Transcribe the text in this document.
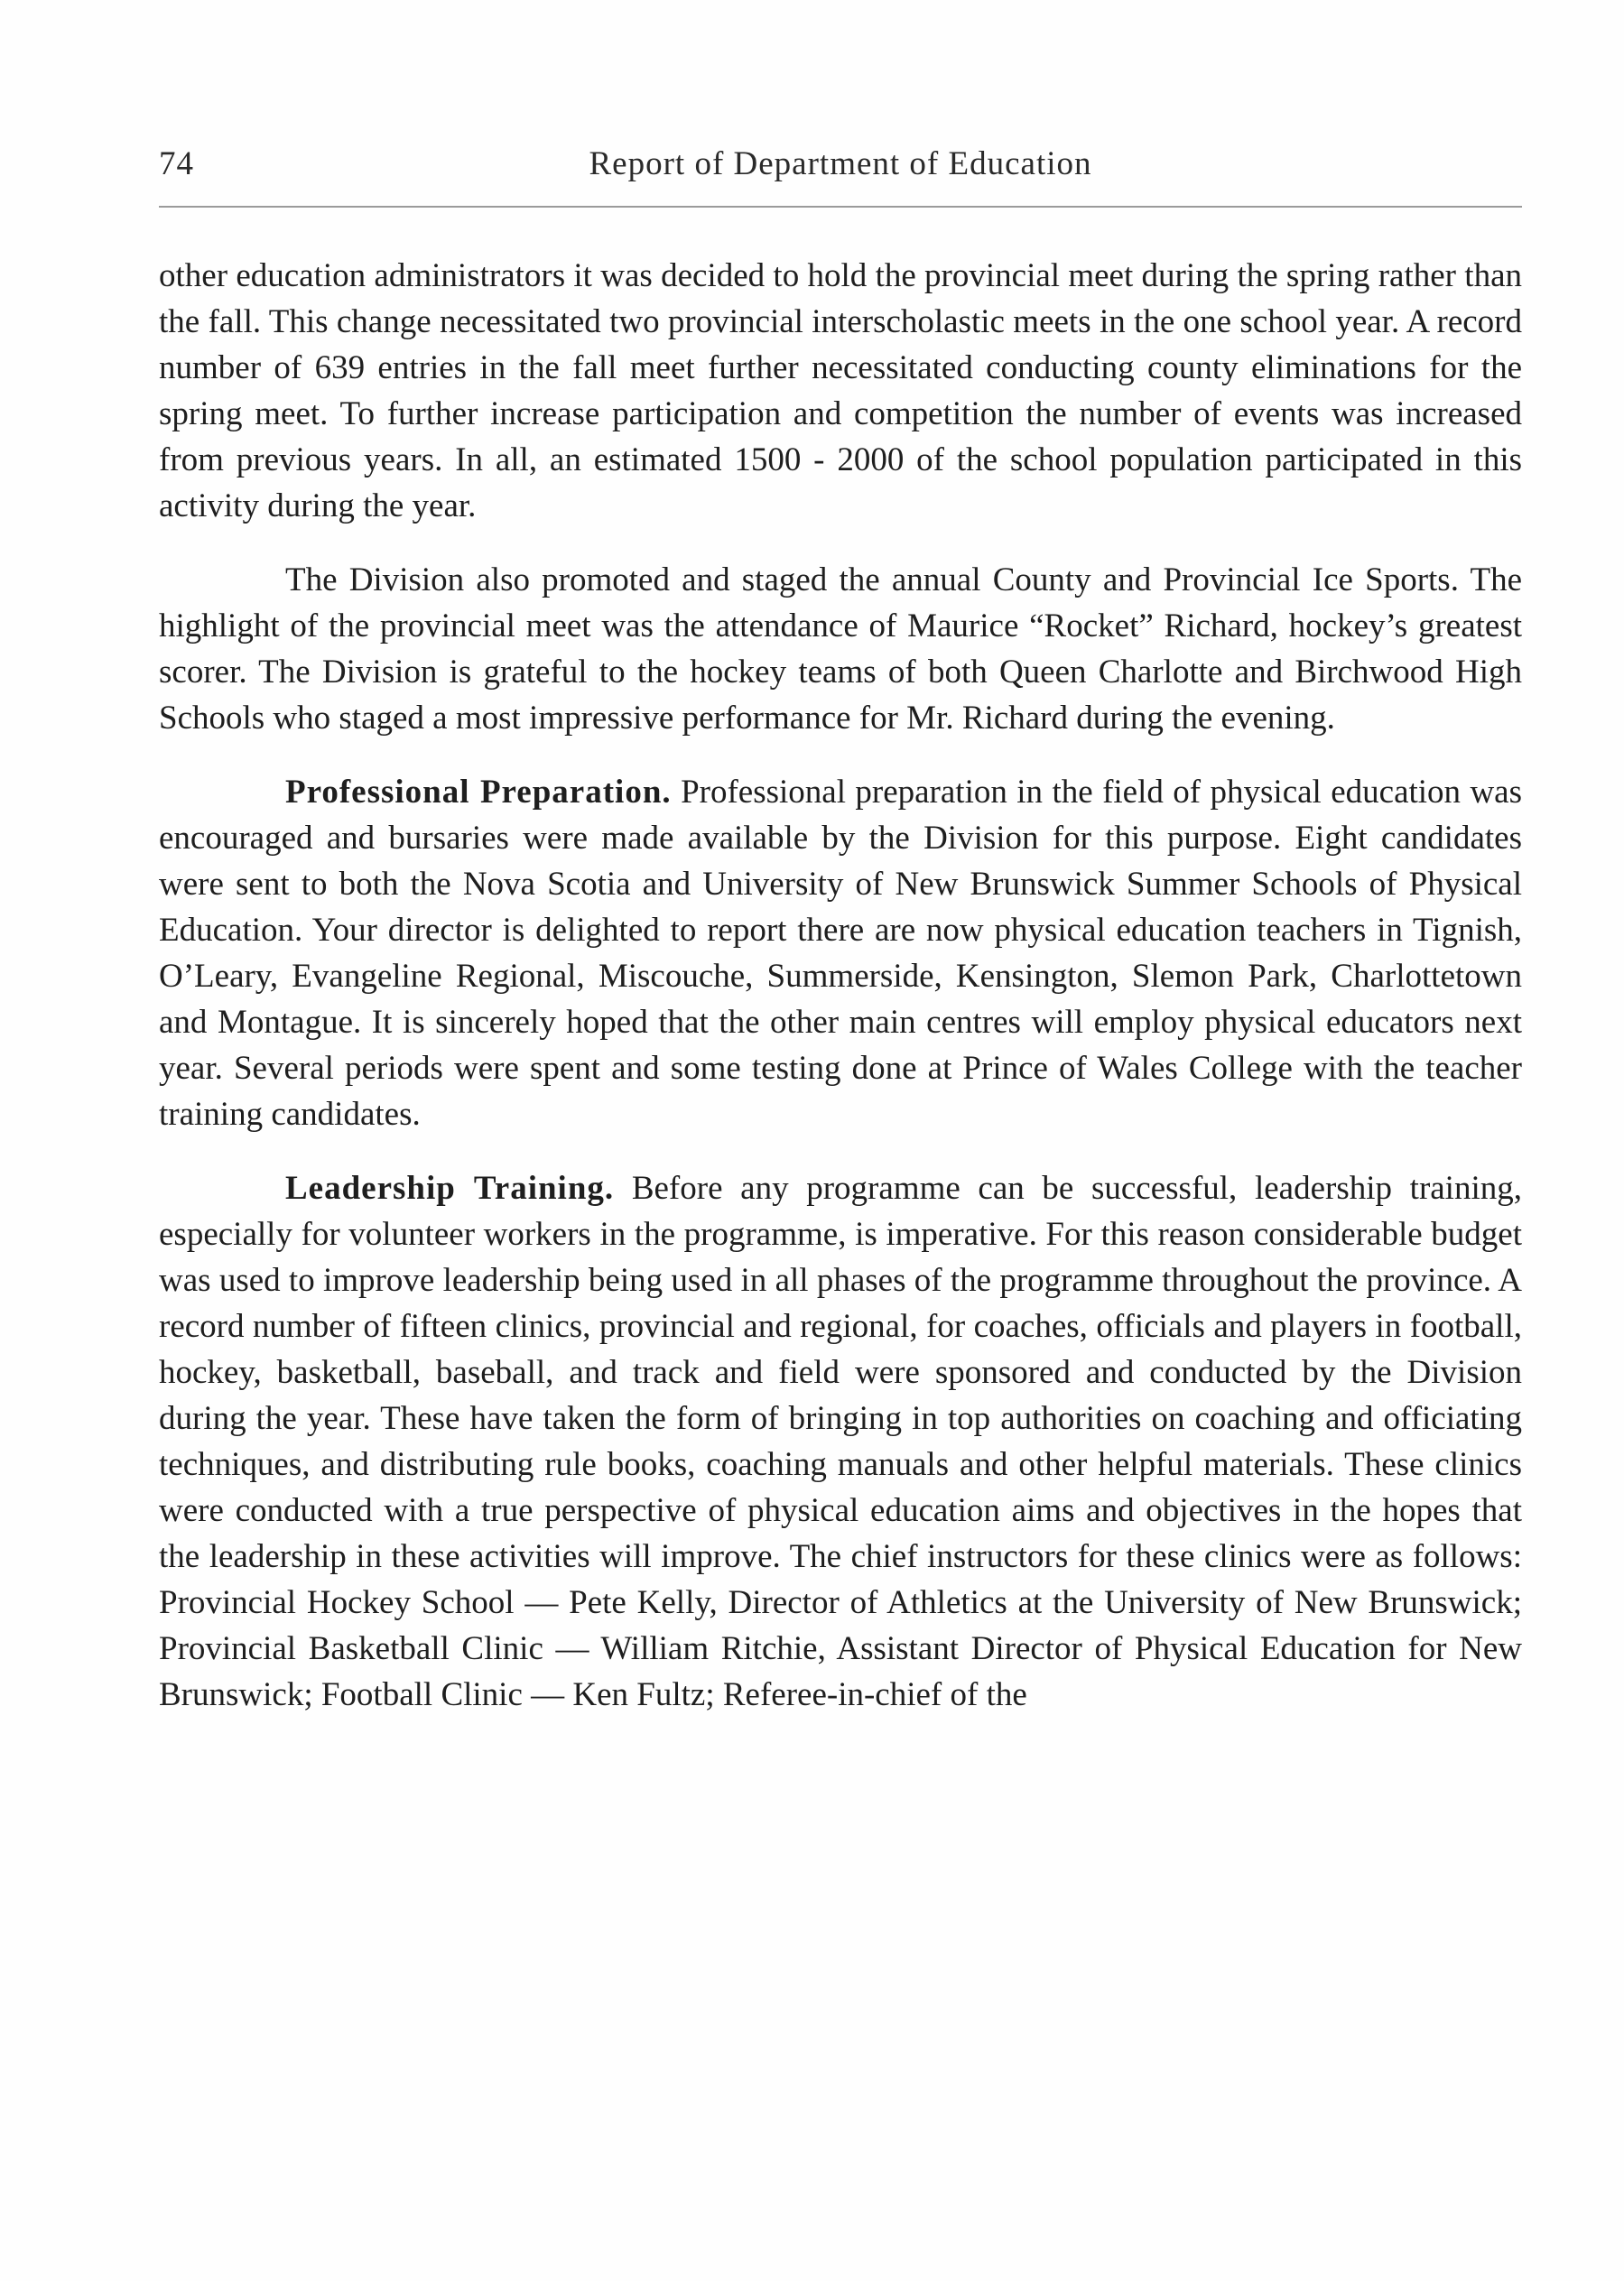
74	Report of Department of Education

other education administrators it was decided to hold the provincial meet during the spring rather than the fall. This change necessitated two provincial interscholastic meets in the one school year. A record number of 639 entries in the fall meet further necessitated conducting county eliminations for the spring meet. To further increase participation and competition the number of events was increased from previous years. In all, an estimated 1500 - 2000 of the school population participated in this activity during the year.

The Division also promoted and staged the annual County and Provincial Ice Sports. The highlight of the provincial meet was the attendance of Maurice “Rocket” Richard, hockey’s greatest scorer. The Division is grateful to the hockey teams of both Queen Charlotte and Birchwood High Schools who staged a most impressive performance for Mr. Richard during the evening.

Professional Preparation. Professional preparation in the field of physical education was encouraged and bursaries were made available by the Division for this purpose. Eight candidates were sent to both the Nova Scotia and University of New Brunswick Summer Schools of Physical Education. Your director is delighted to report there are now physical education teachers in Tignish, O’Leary, Evangeline Regional, Miscouche, Summerside, Kensington, Slemon Park, Charlottetown and Montague. It is sincerely hoped that the other main centres will employ physical educators next year. Several periods were spent and some testing done at Prince of Wales College with the teacher training candidates.

Leadership Training. Before any programme can be successful, leadership training, especially for volunteer workers in the programme, is imperative. For this reason considerable budget was used to improve leadership being used in all phases of the programme throughout the province. A record number of fifteen clinics, provincial and regional, for coaches, officials and players in football, hockey, basketball, baseball, and track and field were sponsored and conducted by the Division during the year. These have taken the form of bringing in top authorities on coaching and officiating techniques, and distributing rule books, coaching manuals and other helpful materials. These clinics were conducted with a true perspective of physical education aims and objectives in the hopes that the leadership in these activities will improve. The chief instructors for these clinics were as follows: Provincial Hockey School — Pete Kelly, Director of Athletics at the University of New Brunswick; Provincial Basketball Clinic — William Ritchie, Assistant Director of Physical Education for New Brunswick; Football Clinic — Ken Fultz; Referee-in-chief of the
